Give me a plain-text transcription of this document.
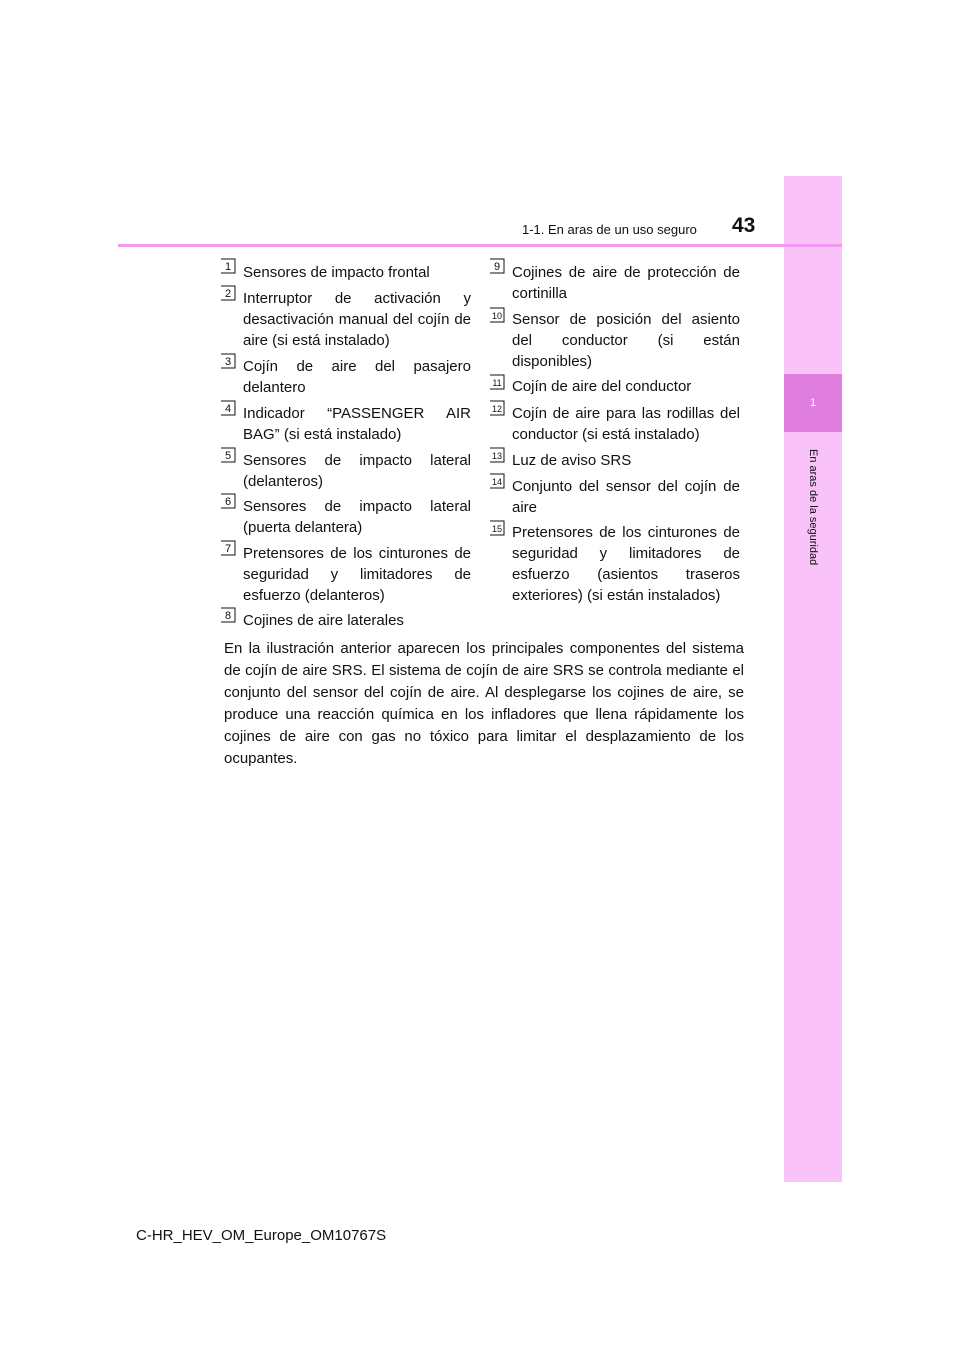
1
En aras de la seguridad
1-1. En aras de un uso seguro 43
1 Sensores de impacto frontal
2 Interruptor de activación y desactivación manual del cojín de aire (si está instalado)
3 Cojín de aire del pasajero delantero
4 Indicador “PASSENGER AIR BAG” (si está instalado)
5 Sensores de impacto lateral (delanteros)
6 Sensores de impacto lateral (puerta delantera)
7 Pretensores de los cinturones de seguridad y limitadores de esfuerzo (delanteros)
8 Cojines de aire laterales
9 Cojines de aire de protección de cortinilla
10 Sensor de posición del asiento del conductor (si están disponibles)
11 Cojín de aire del conductor
12 Cojín de aire para las rodillas del conductor (si está instalado)
13 Luz de aviso SRS
14 Conjunto del sensor del cojín de aire
15 Pretensores de los cinturones de seguridad y limitadores de esfuerzo (asientos traseros exteriores) (si están instalados)
En la ilustración anterior aparecen los principales componentes del sistema de cojín de aire SRS. El sistema de cojín de aire SRS se controla mediante el conjunto del sensor del cojín de aire. Al desplegarse los cojines de aire, se produce una reacción química en los infladores que llena rápidamente los cojines de aire con gas no tóxico para limitar el desplazamiento de los ocupantes.
C-HR_HEV_OM_Europe_OM10767S
